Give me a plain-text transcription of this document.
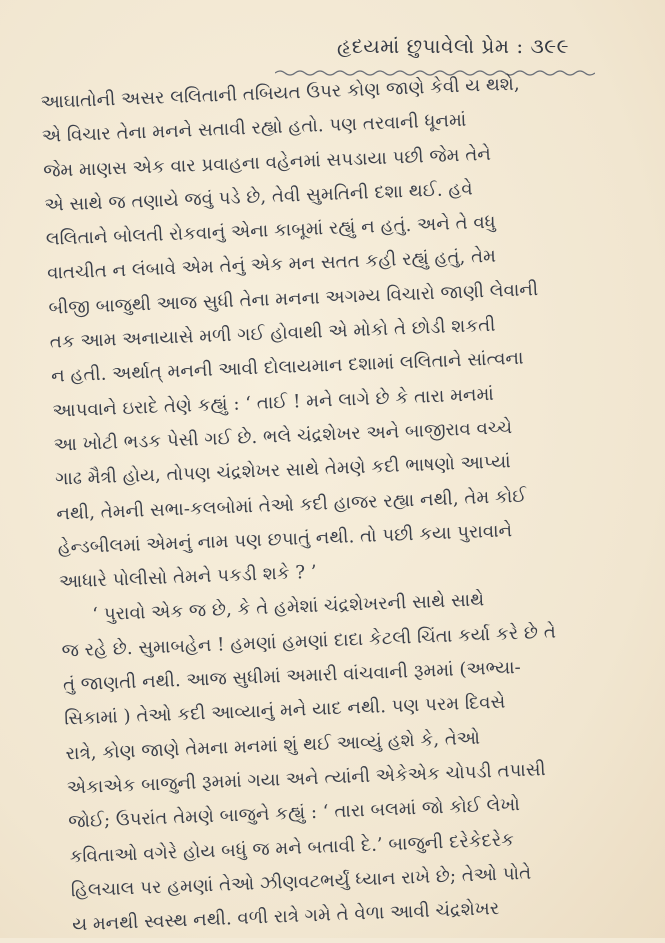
હૃદયમાં છુપાવેલો પ્રેમ : ૩૯૯
આઘાતોની અસર લલિતાની તબિયત ઉપર કોણ જાણે કેવી ય થશે,
એ વિચાર તેના મનને સતાવી રહ્યો હતો. પણ તરવાની ધૂનમાં
જેમ માણસ એક વાર પ્રવાહના વહેનમાં સપડાયા પછી જેમ તેને
એ સાથે જ તણાયે જવું પડે છે, તેવી સુમતિની દશા થઈ. હવે
લલિતાને બોલતી રોકવાનું એના કાબૂમાં રહ્યું ન હતું. અને તે વધુ
વાતચીત ન લંબાવે એમ તેનું એક મન સતત કહી રહ્યું હતું, તેમ
બીજી બાજુથી આજ સુધી તેના મનના અગમ્ય વિચારો જાણી લેવાની
તક આમ અનાયાસે મળી ગઈ હોવાથી એ મોકો તે છોડી શકતી
ન હતી. અર્થાત્ મનની આવી દોલાયમાન દશામાં લલિતાને સાંત્વના
આપવાને ઇરાદે તેણે કહ્યું : ‘ તાઈ ! મને લાગે છે કે તારા મનમાં
આ ખોટી ભડક પેસી ગઈ છે. ભલે ચંદ્રશેખર અને બાજીરાવ વચ્ચે
ગાઢ મૈત્રી હોય, તોપણ ચંદ્રશેખર સાથે તેમણે કદી ભાષણો આપ્યાં
નથી, તેમની સભા-કલબોમાં તેઓ કદી હાજર રહ્યા નથી, તેમ કોઈ
હેન્ડબીલમાં એમનું નામ પણ છપાતું નથી. તો પછી કયા પુરાવાને
આધારે પોલીસો તેમને પકડી શકે ? ’
‘ પુરાવો એક જ છે, કે તે હમેશાં ચંદ્રશેખરની સાથે સાથે
જ રહે છે. સુમાબહેન ! હમણાં હમણાં દાદા કેટલી ચિંતા કર્યા કરે છે તે
તું જાણતી નથી. આજ સુધીમાં અમારી વાંચવાની રૂમમાં (અભ્યા-
સિકામાં ) તેઓ કદી આવ્યાનું મને યાદ નથી. પણ પરમ દિવસે
રાત્રે, કોણ જાણે તેમના મનમાં શું થઈ આવ્યું હશે કે, તેઓ
એકાએક બાજુની રૂમમાં ગયા અને ત્યાંની એકેએક ચોપડી તપાસી
જોઈ; ઉપરાંત તેમણે બાજુને કહ્યું : ‘ તારા બલમાં જો કોઈ લેખો
કવિતાઓ વગેરે હોય બધું જ મને બતાવી દે.’ બાજુની દરેકેદરેક
હિલચાલ પર હમણાં તેઓ ઝીણવટભર્યું ધ્યાન રાખે છે; તેઓ પોતે
ય મનથી સ્વસ્થ નથી. વળી રાત્રે ગમે તે વેળા આવી ચંદ્રશેખર
